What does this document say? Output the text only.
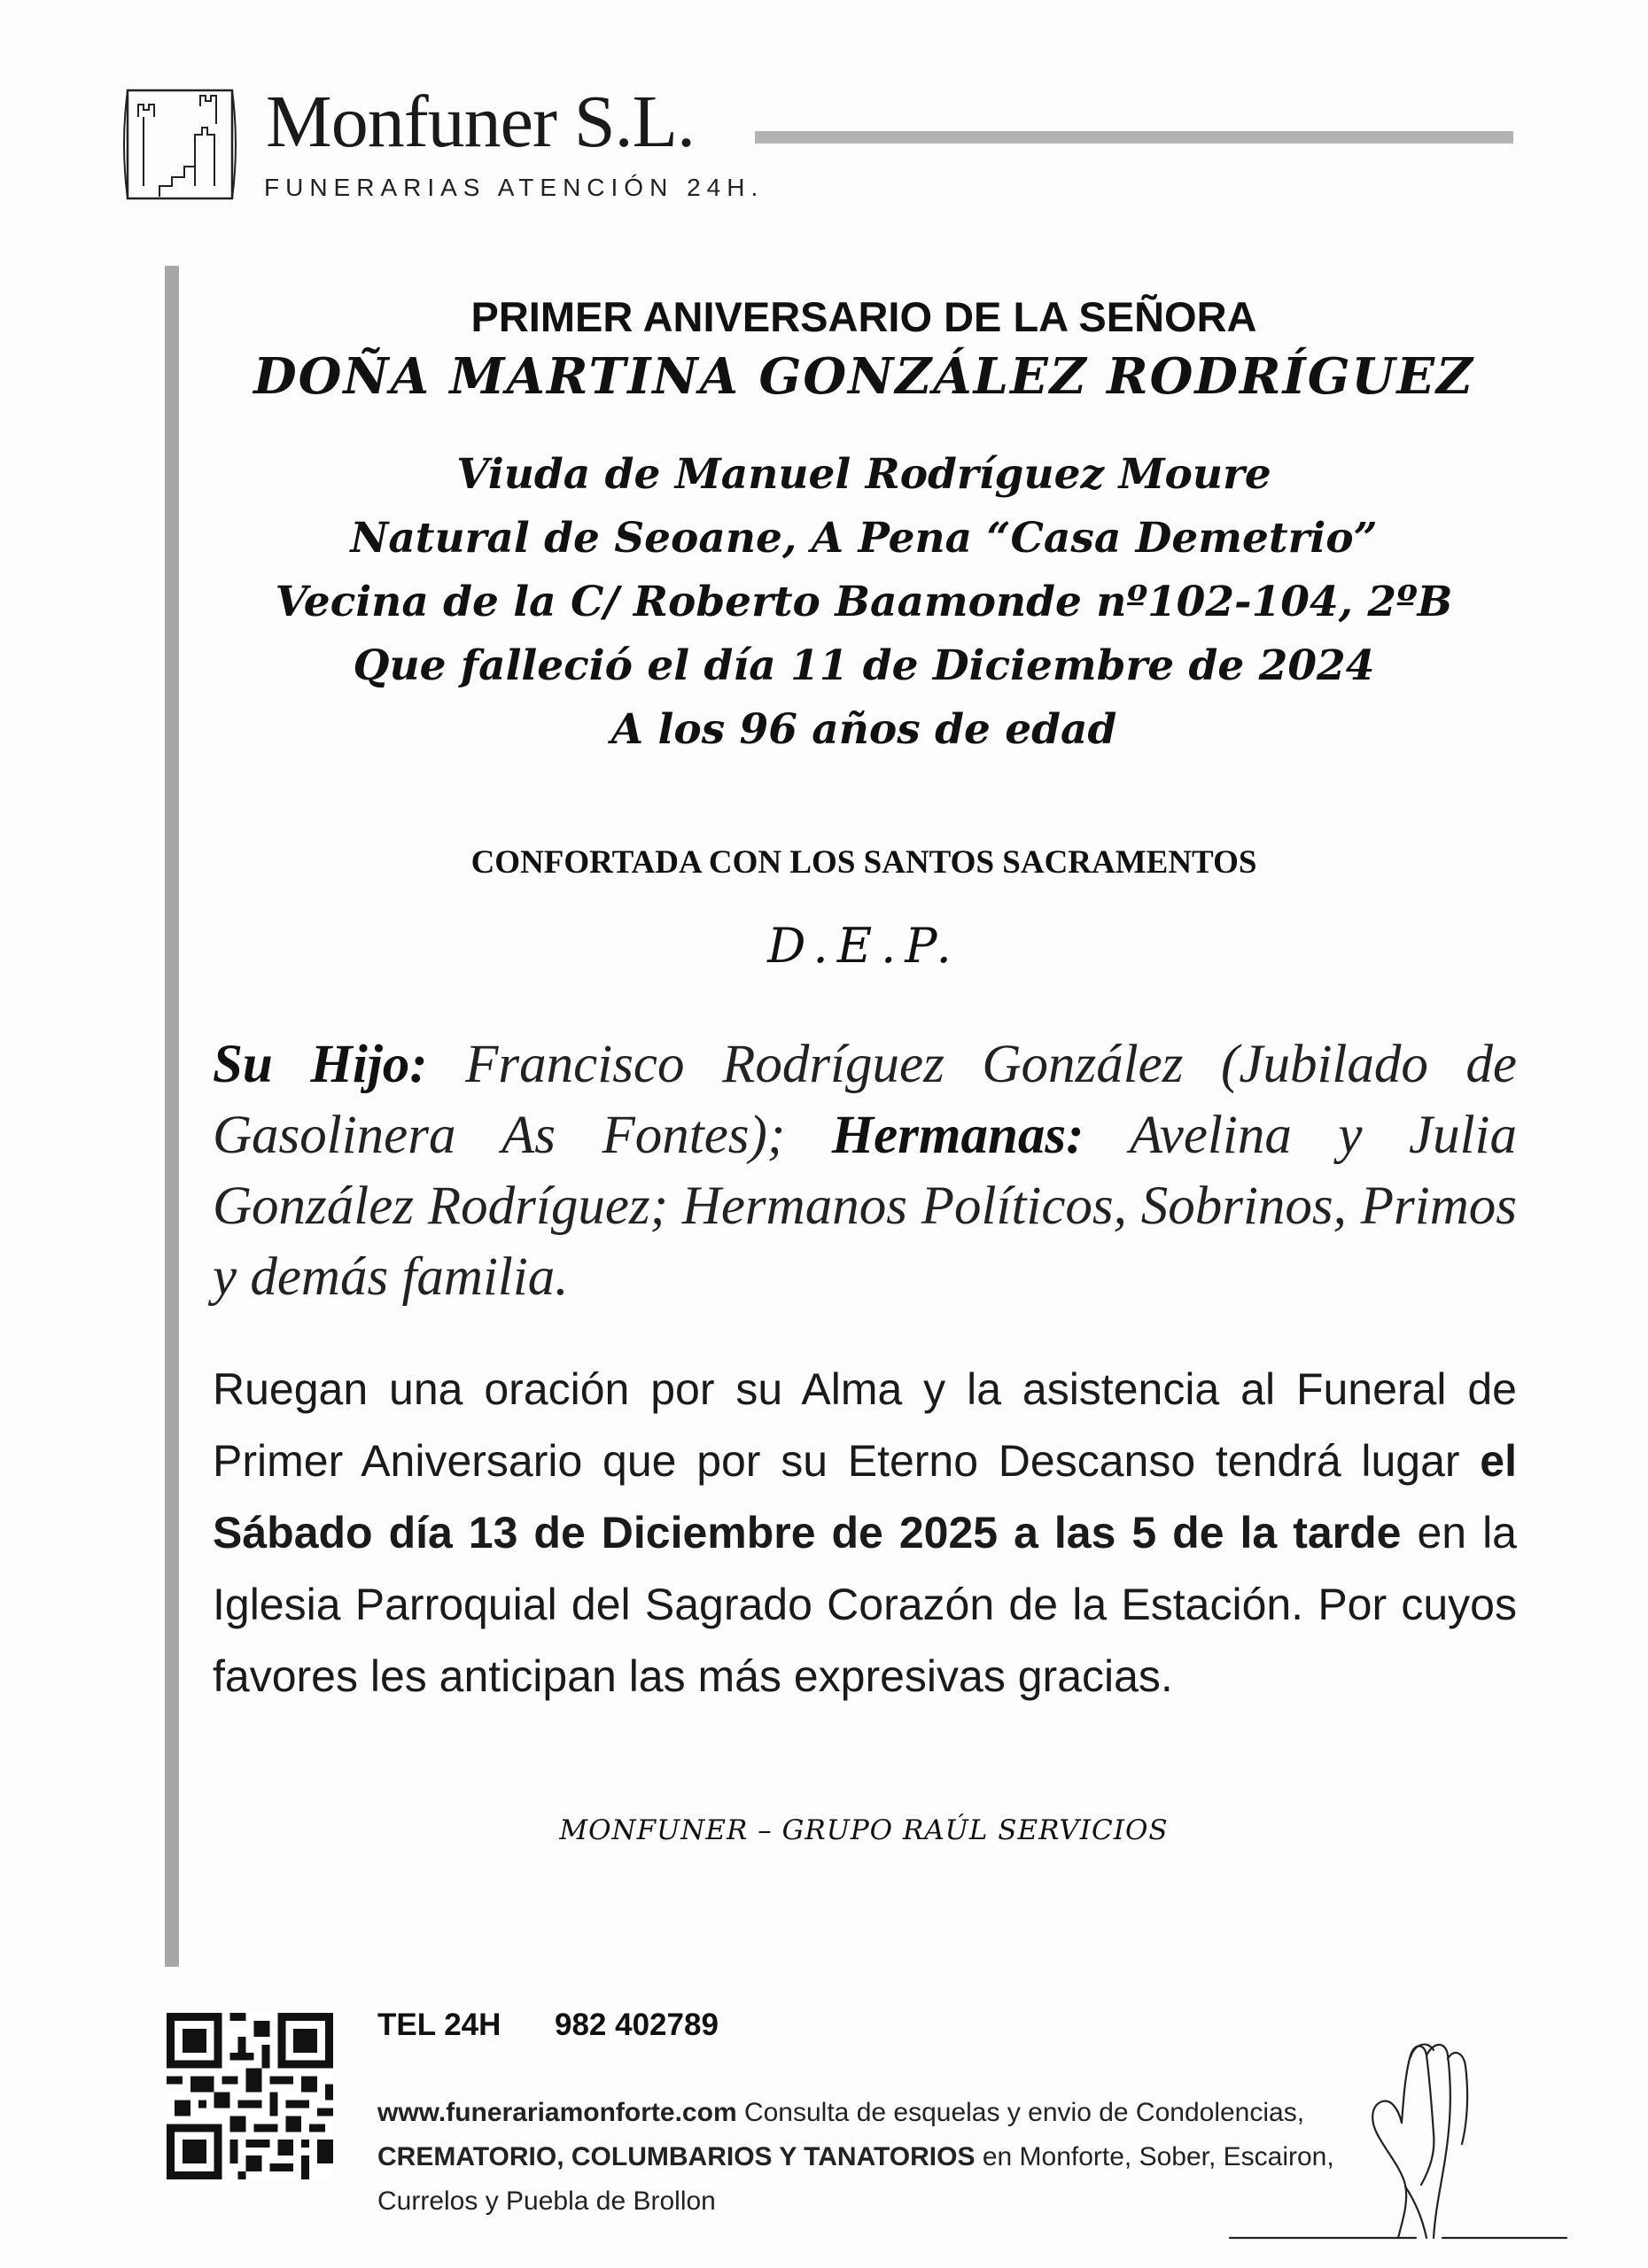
Monfuner S.L.
FUNERARIAS ATENCIÓN 24H.
PRIMER ANIVERSARIO DE LA SEÑORA
DOÑA MARTINA GONZÁLEZ RODRÍGUEZ
Viuda de Manuel Rodríguez Moure
Natural de Seoane, A Pena “Casa Demetrio”
Vecina de la C/ Roberto Baamonde nº102-104, 2ºB
Que falleció el día 11 de Diciembre de 2024
A los 96 años de edad
CONFORTADA CON LOS SANTOS SACRAMENTOS
D.E.P.
Su Hijo: Francisco Rodríguez González (Jubilado de Gasolinera As Fontes); Hermanas: Avelina y Julia González Rodríguez; Hermanos Políticos, Sobrinos, Primos y demás familia.
Ruegan una oración por su Alma y la asistencia al Funeral de Primer Aniversario que por su Eterno Descanso tendrá lugar el Sábado día 13 de Diciembre de 2025 a las 5 de la tarde en la Iglesia Parroquial del Sagrado Corazón de la Estación. Por cuyos favores les anticipan las más expresivas gracias.
MONFUNER – GRUPO RAÚL SERVICIOS
TEL 24H 982 402789
www.funerariamonforte.com Consulta de esquelas y envio de Condolencias, CREMATORIO, COLUMBARIOS Y TANATORIOS en Monforte, Sober, Escairon, Currelos y Puebla de Brollon
